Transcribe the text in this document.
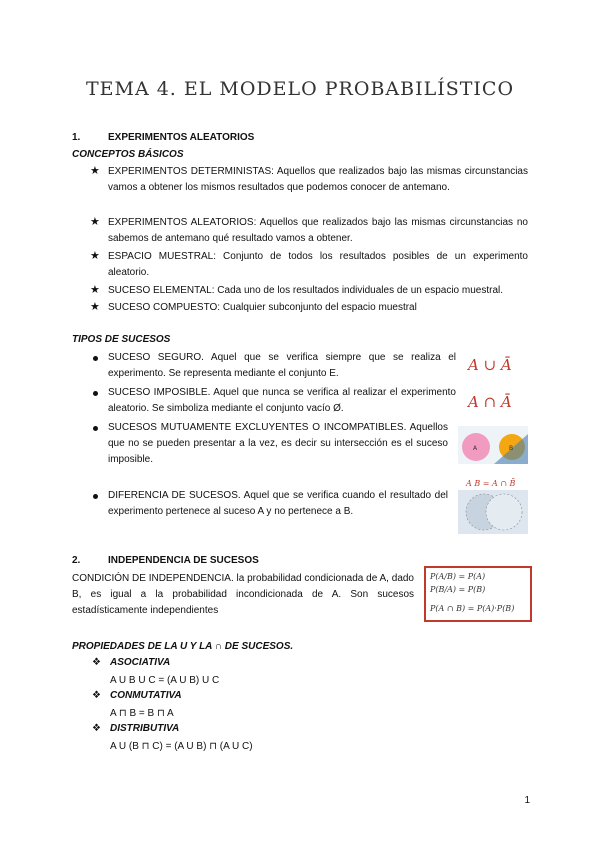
TEMA 4. EL MODELO PROBABILÍSTICO
1.	EXPERIMENTOS ALEATORIOS
CONCEPTOS BÁSICOS
★ EXPERIMENTOS DETERMINISTAS: Aquellos que realizados bajo las mismas circunstancias vamos a obtener los mismos resultados que podemos conocer de antemano.
★ EXPERIMENTOS ALEATORIOS: Aquellos que realizados bajo las mismas circunstancias no sabemos de antemano qué resultado vamos a obtener.
★ ESPACIO MUESTRAL: Conjunto de todos los resultados posibles de un experimento aleatorio.
★ SUCESO ELEMENTAL: Cada uno de los resultados individuales de un espacio muestral.
★ SUCESO COMPUESTO: Cualquier subconjunto del espacio muestral
TIPOS DE SUCESOS
SUCESO SEGURO. Aquel que se verifica siempre que se realiza el experimento. Se representa mediante el conjunto E.
SUCESO IMPOSIBLE. Aquel que nunca se verifica al realizar el experimento aleatorio. Se simboliza mediante el conjunto vacío Ø.
SUCESOS MUTUAMENTE EXCLUYENTES O INCOMPATIBLES. Aquellos que no se pueden presentar a la vez, es decir su intersección es el suceso imposible.
DIFERENCIA DE SUCESOS. Aquel que se verifica cuando el resultado del experimento pertenece al suceso A y no pertenece a B.
A ∪ Ā
A ∩ Ā
A	B
A B = A ∩ B̄
2.	INDEPENDENCIA DE SUCESOS
CONDICIÓN DE INDEPENDENCIA. la probabilidad condicionada de A, dado B, es igual a la probabilidad incondicionada de A. Son sucesos estadísticamente independientes
P(A/B) = P(A)
P(B/A) = P(B)
P(A ∩ B) = P(A)·P(B)
PROPIEDADES DE LA U Y LA ∩ DE SUCESOS.
❖ ASOCIATIVA
A U B U C = (A U B) U C
❖ CONMUTATIVA
A ⊓ B = B ⊓ A
❖ DISTRIBUTIVA
A U (B ⊓ C) = (A U B) ⊓ (A U C)
1
